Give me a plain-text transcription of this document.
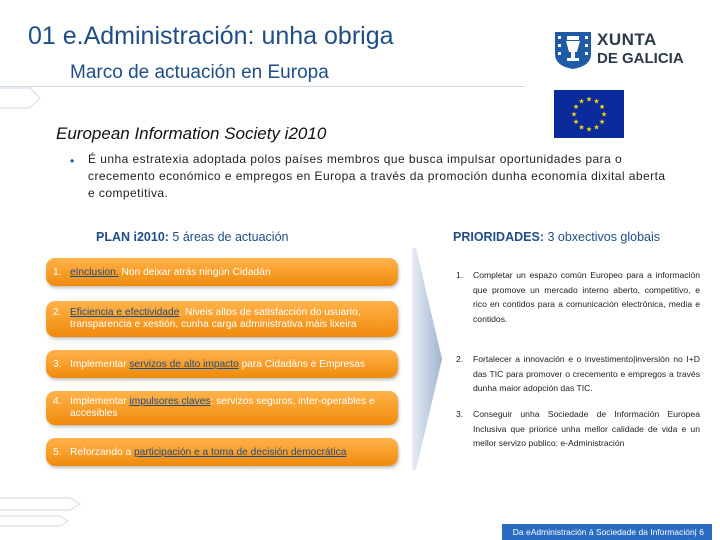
01 e.Administración: unha obriga
Marco de actuación en Europa
XUNTA
DE GALICIA
★
★
★
★
★
★
★
★
★ ★ ★
★
European Information Society i2010
• É unha estratexia adoptada polos países membros que busca impulsar oportunidades para o crecemento económico e empregos en Europa a través da promoción dunha economía dixital aberta e competitiva.
PLAN i2010: 5 áreas de actuación	PRIORIDADES: 3 obxectivos globais
1. eInclusion. Non deixar atrás ningún Cidadán
2. Eficiencia e efectividade. Niveis altos de satisfacción do usuario, transparencia e xestión, cunha carga administrativa máis lixeira
3. Implementar servizos de alto impacto para Cidadáns e Empresas
4. Implementar impulsores claves: servizos seguros, inter-operables e accesibles
5. Reforzando a participación e a toma de decisión democrática
1. Completar un espazo común Europeo para a información que promove un mercado interno aberto, competitivo, e rico en contidos para a comunicación electrónica, media e contidos.
2. Fortalecer a innovación e o investimento|inversión no I+D das TIC para promover o crecemento e empregos a través dunha maior adopción das TIC.
3. Conseguir unha Sociedade de Información Europea Inclusiva que priorice unha mellor calidade de vida e un mellor servizo publico: e-Administración
Da eAdministración á Sociedade da Información| 6
